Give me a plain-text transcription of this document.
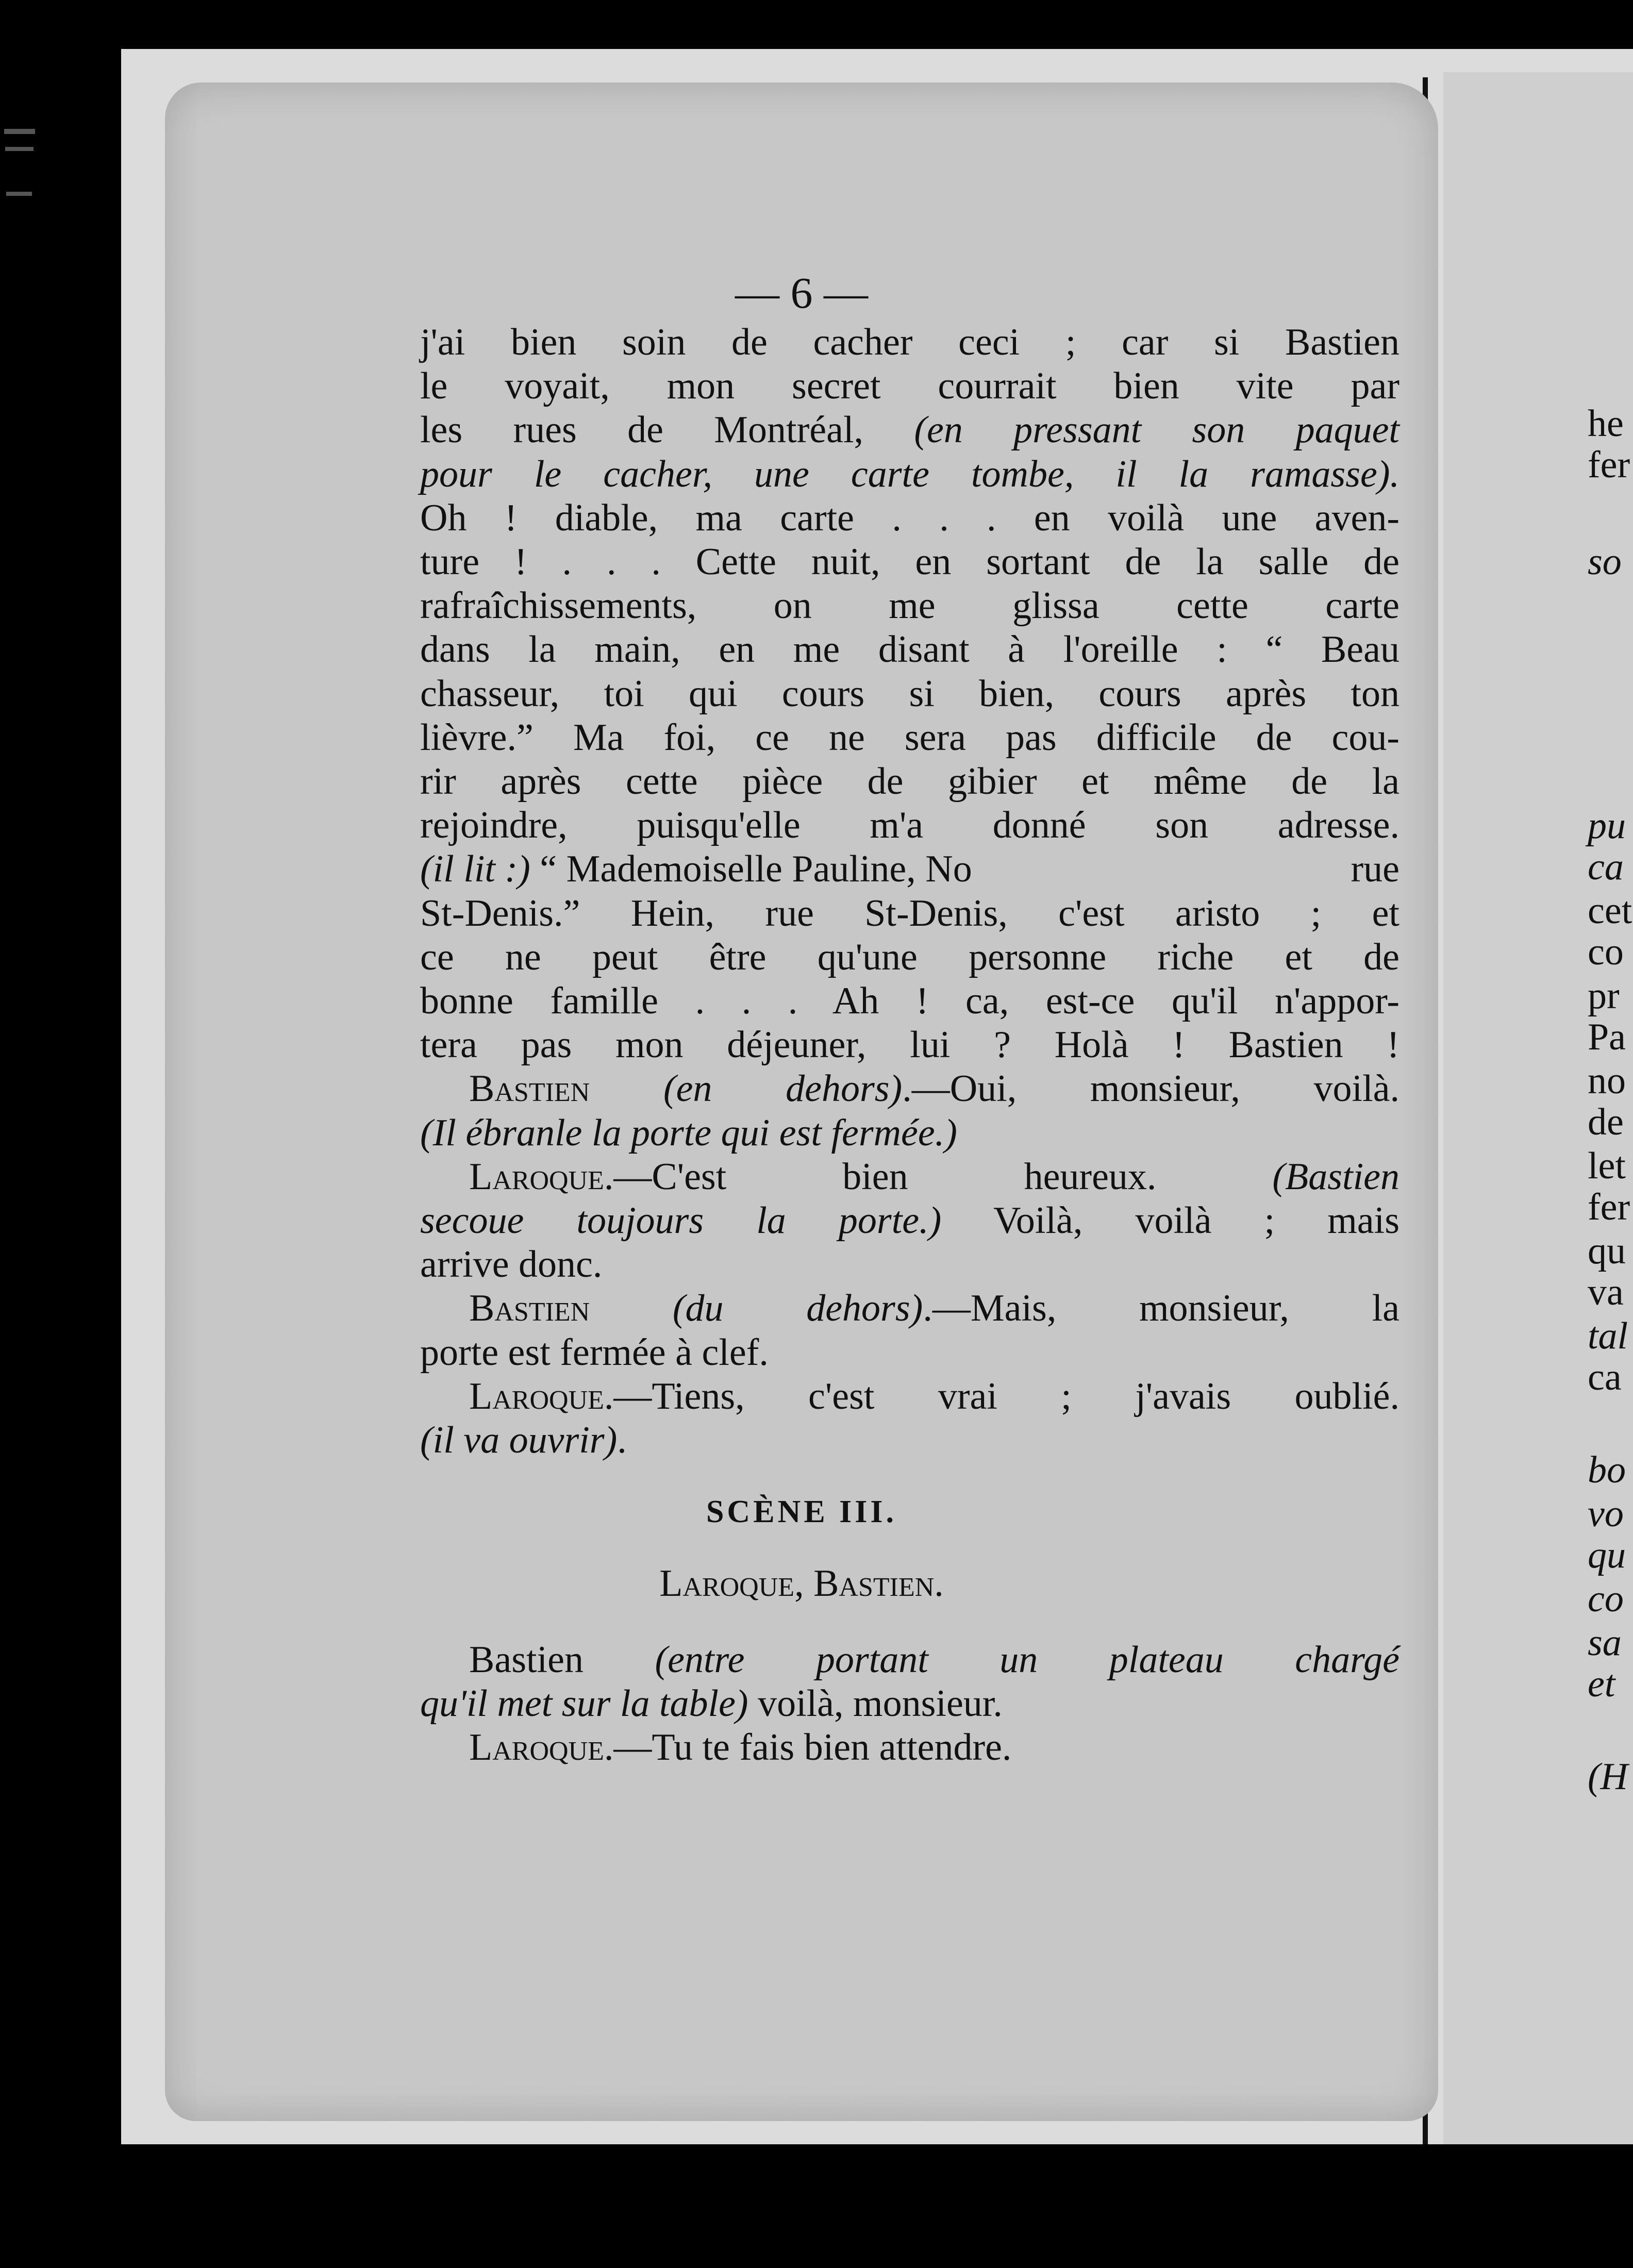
— 6 —
j'ai bien soin de cacher ceci ; car si Bastien
le voyait, mon secret courrait bien vite par
les rues de Montréal, (en pressant son paquet
pour le cacher, une carte tombe, il la ramasse).
Oh ! diable, ma carte . . . en voilà une aven-
ture ! . . . Cette nuit, en sortant de la salle de
rafraîchissements, on me glissa cette carte
dans la main, en me disant à l'oreille : “ Beau
chasseur, toi qui cours si bien, cours après ton
lièvre.” Ma foi, ce ne sera pas difficile de cou-
rir après cette pièce de gibier et même de la
rejoindre, puisqu'elle m'a donné son adresse.
(il lit :) “ Mademoiselle Pauline, No	rue
St-Denis.” Hein, rue St-Denis, c'est aristo ; et
ce ne peut être qu'une personne riche et de
bonne famille . . . Ah ! ca, est-ce qu'il n'appor-
tera pas mon déjeuner, lui ? Holà ! Bastien !
Bastien (en dehors).—Oui, monsieur, voilà.
(Il ébranle la porte qui est fermée.)
Laroque.—C'est bien heureux.	(Bastien
secoue toujours la porte.) Voilà, voilà ; mais
arrive donc.
Bastien (du dehors).—Mais, monsieur, la
porte est fermée à clef.
Laroque.—Tiens, c'est vrai ; j'avais oublié.
(il va ouvrir).
SCÈNE III.
Laroque, Bastien.
Bastien (entre portant un plateau chargé
qu'il met sur la table) voilà, monsieur.
Laroque.—Tu te fais bien attendre.
he
fer
so
pu
ca
cet
co
pr
Pa
no
de
let
fer
qu
va
tal
ca
bo
vo
qu
co
sa
et
(H
